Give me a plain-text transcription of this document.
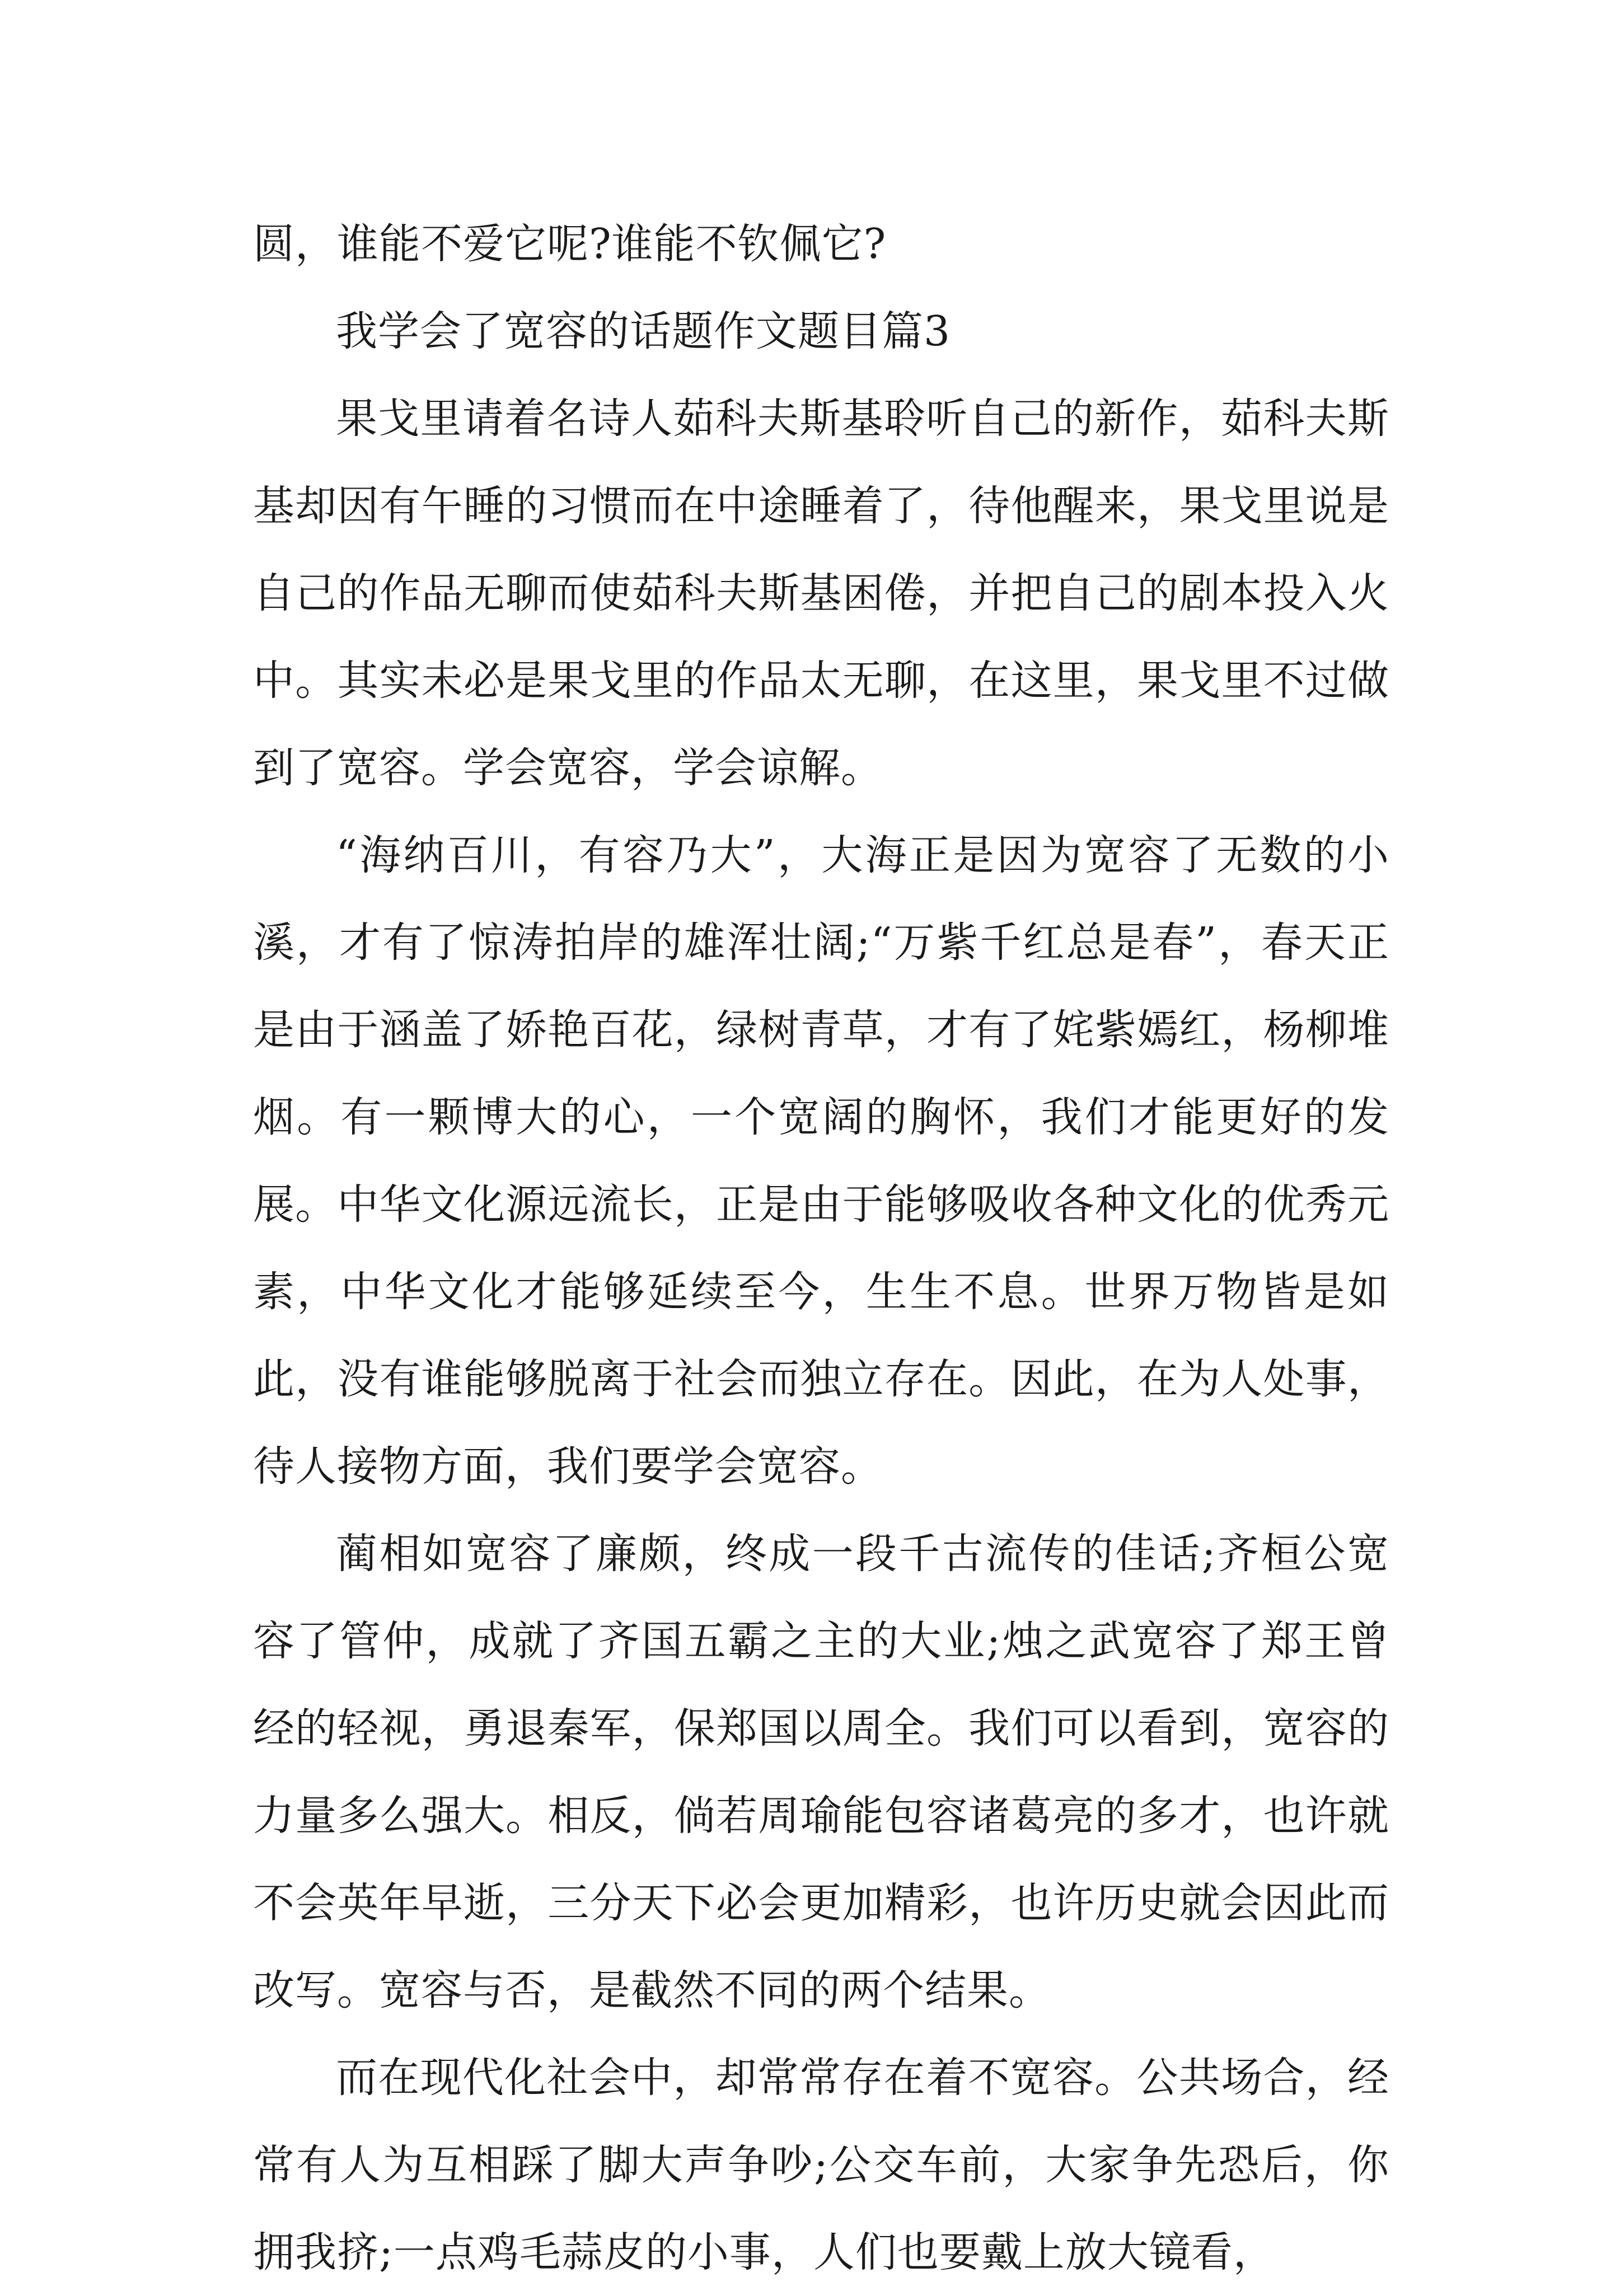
圆，谁能不爱它呢?谁能不钦佩它?

我学会了宽容的话题作文题目篇3

果戈里请着名诗人茹科夫斯基聆听自己的新作，茹科夫斯基却因有午睡的习惯而在中途睡着了，待他醒来，果戈里说是自己的作品无聊而使茹科夫斯基困倦，并把自己的剧本投入火中。其实未必是果戈里的作品太无聊，在这里，果戈里不过做到了宽容。学会宽容，学会谅解。

“海纳百川，有容乃大”，大海正是因为宽容了无数的小溪，才有了惊涛拍岸的雄浑壮阔;“万紫千红总是春”，春天正是由于涵盖了娇艳百花，绿树青草，才有了姹紫嫣红，杨柳堆烟。有一颗博大的心，一个宽阔的胸怀，我们才能更好的发展。中华文化源远流长，正是由于能够吸收各种文化的优秀元素，中华文化才能够延续至今，生生不息。世界万物皆是如此，没有谁能够脱离于社会而独立存在。因此，在为人处事，待人接物方面，我们要学会宽容。

蔺相如宽容了廉颇，终成一段千古流传的佳话;齐桓公宽容了管仲，成就了齐国五霸之主的大业;烛之武宽容了郑王曾经的轻视，勇退秦军，保郑国以周全。我们可以看到，宽容的力量多么强大。相反，倘若周瑜能包容诸葛亮的多才，也许就不会英年早逝，三分天下必会更加精彩，也许历史就会因此而改写。宽容与否，是截然不同的两个结果。

而在现代化社会中，却常常存在着不宽容。公共场合，经常有人为互相踩了脚大声争吵;公交车前，大家争先恐后，你拥我挤;一点鸡毛蒜皮的小事，人们也要戴上放大镜看，
